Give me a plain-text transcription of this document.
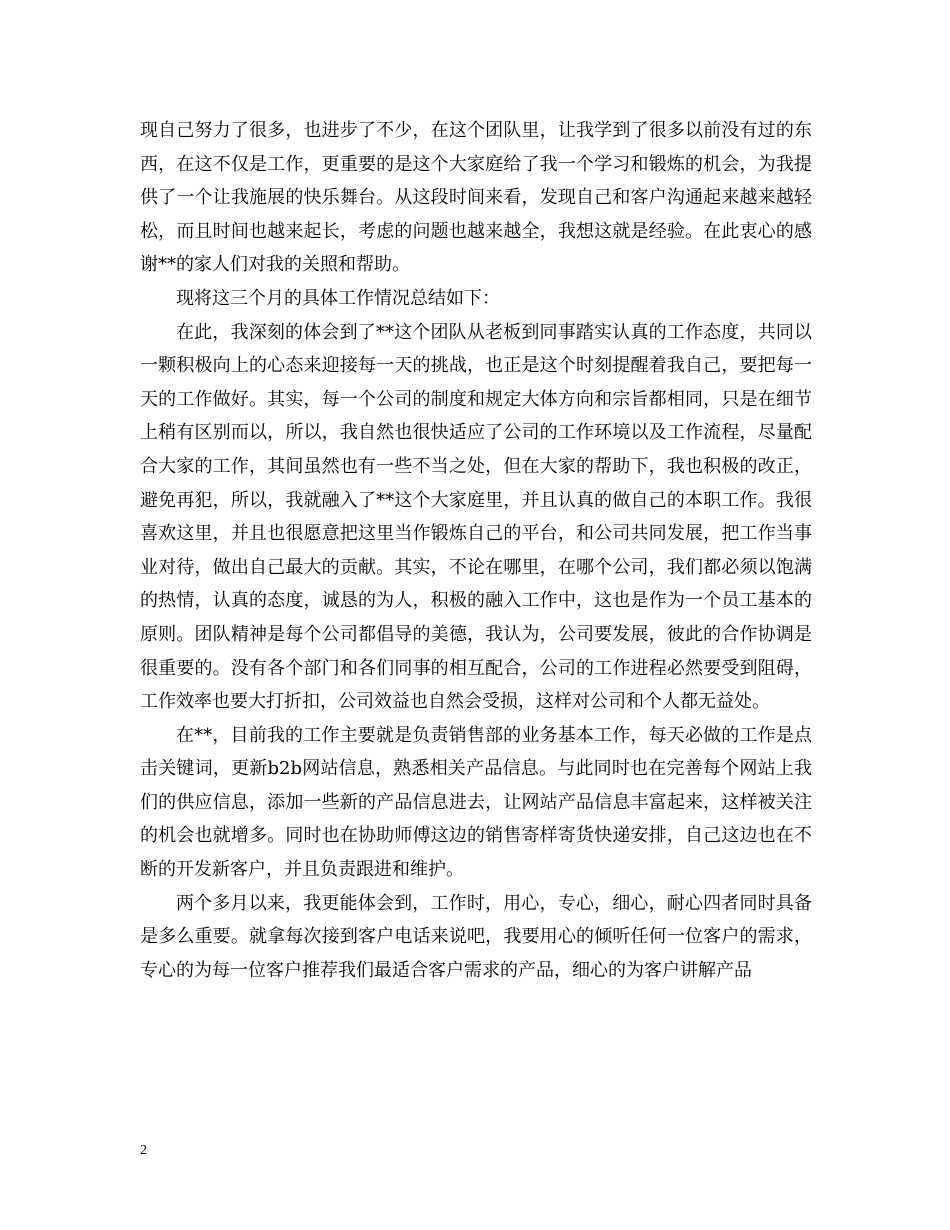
现自己努力了很多，也进步了不少，在这个团队里，让我学到了很多以前没有过的东西，在这不仅是工作，更重要的是这个大家庭给了我一个学习和锻炼的机会，为我提供了一个让我施展的快乐舞台。从这段时间来看，发现自己和客户沟通起来越来越轻松，而且时间也越来起长，考虑的问题也越来越全，我想这就是经验。在此衷心的感谢**的家人们对我的关照和帮助。

现将这三个月的具体工作情况总结如下：

在此，我深刻的体会到了**这个团队从老板到同事踏实认真的工作态度，共同以一颗积极向上的心态来迎接每一天的挑战，也正是这个时刻提醒着我自己，要把每一天的工作做好。其实，每一个公司的制度和规定大体方向和宗旨都相同，只是在细节上稍有区别而以，所以，我自然也很快适应了公司的工作环境以及工作流程，尽量配合大家的工作，其间虽然也有一些不当之处，但在大家的帮助下，我也积极的改正，避免再犯，所以，我就融入了**这个大家庭里，并且认真的做自己的本职工作。我很喜欢这里，并且也很愿意把这里当作锻炼自己的平台，和公司共同发展，把工作当事业对待，做出自己最大的贡献。其实，不论在哪里，在哪个公司，我们都必须以饱满的热情，认真的态度，诚恳的为人，积极的融入工作中，这也是作为一个员工基本的原则。团队精神是每个公司都倡导的美德，我认为，公司要发展，彼此的合作协调是很重要的。没有各个部门和各们同事的相互配合，公司的工作进程必然要受到阻碍，工作效率也要大打折扣，公司效益也自然会受损，这样对公司和个人都无益处。

在**，目前我的工作主要就是负责销售部的业务基本工作，每天必做的工作是点击关键词，更新b2b网站信息，熟悉相关产品信息。与此同时也在完善每个网站上我们的供应信息，添加一些新的产品信息进去，让网站产品信息丰富起来，这样被关注的机会也就增多。同时也在协助师傅这边的销售寄样寄货快递安排，自己这边也在不断的开发新客户，并且负责跟进和维护。

两个多月以来，我更能体会到，工作时，用心，专心，细心，耐心四者同时具备是多么重要。就拿每次接到客户电话来说吧，我要用心的倾听任何一位客户的需求，专心的为每一位客户推荐我们最适合客户需求的产品，细心的为客户讲解产品

2
